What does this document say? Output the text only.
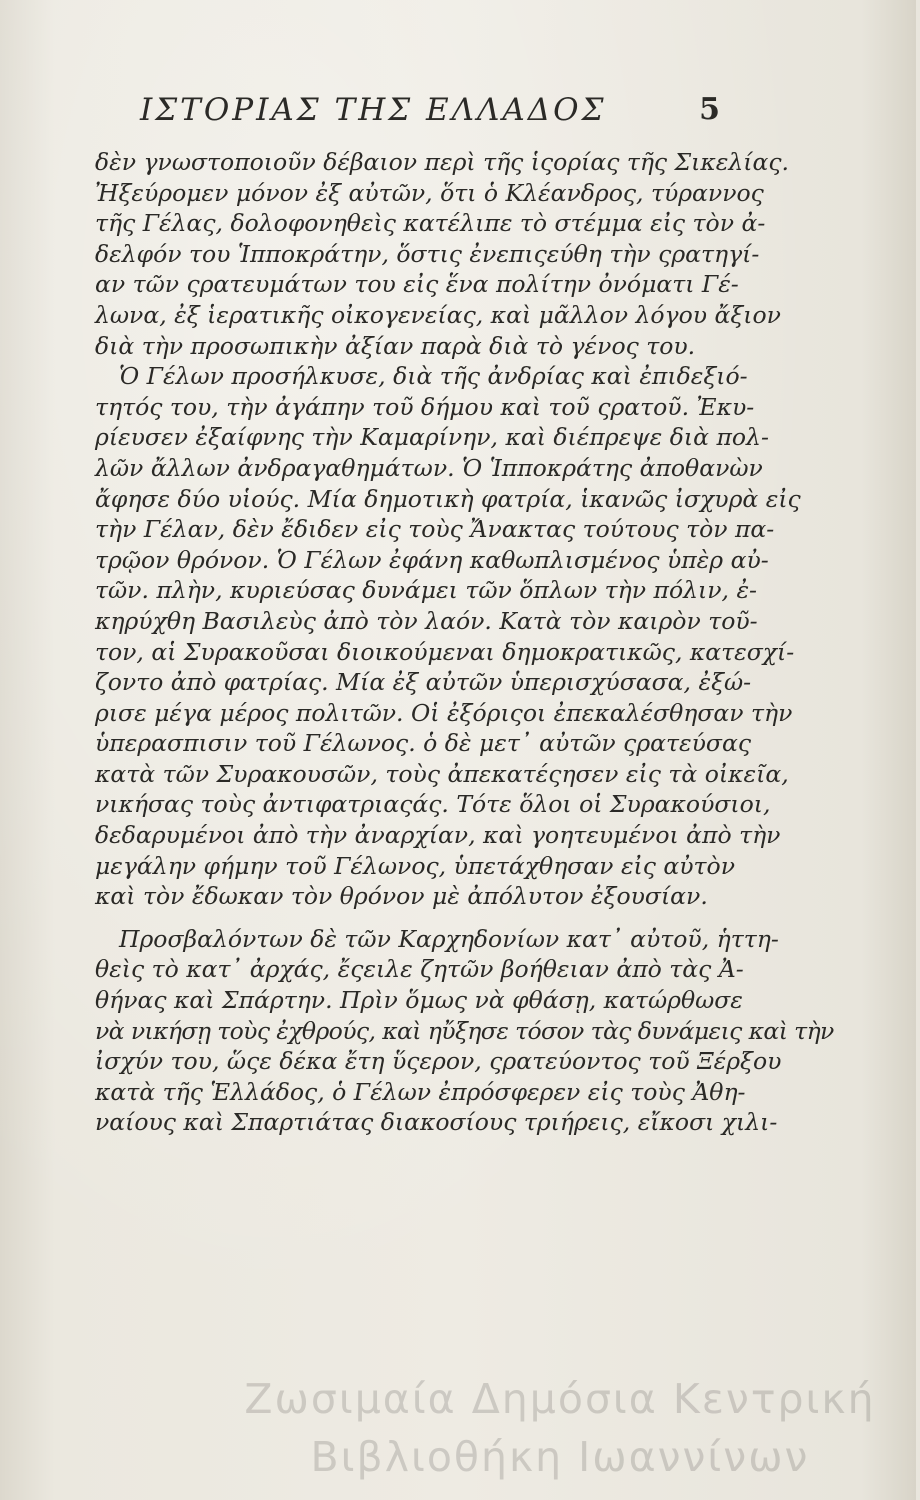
ΙΣΤΟΡΙΑΣ ΤΗΣ ΕΛΛΑΔΟΣ	5
δὲν γνωστοποιοῦν δέβαιον περὶ τῆς ἱςορίας τῆς Σικελίας.
Ἠξεύρομεν μόνον ἐξ αὐτῶν, ὅτι ὁ Κλέανδρος, τύραννος
τῆς Γέλας, δολοφονηθεὶς κατέλιπε τὸ στέμμα εἰς τὸν ἀ-
δελφόν του Ἱπποκράτην, ὅστις ἐνεπιςεύθη τὴν ςρατηγί-
αν τῶν ςρατευμάτων του εἰς ἕνα πολίτην ὀνόματι Γέ-
λωνα, ἐξ ἱερατικῆς οἰκογενείας, καὶ μᾶλλον λόγου ἄξιον
διὰ τὴν προσωπικὴν ἀξίαν παρὰ διὰ τὸ γένος του.
Ὁ Γέλων προσήλκυσε, διὰ τῆς ἀνδρίας καὶ ἐπιδεξιό-
τητός του, τὴν ἀγάπην τοῦ δήμου καὶ τοῦ ςρατοῦ. Ἐκυ-
ρίευσεν ἐξαίφνης τὴν Καμαρίνην, καὶ διέπρεψε διὰ πολ-
λῶν ἄλλων ἀνδραγαθημάτων. Ὁ Ἱπποκράτης ἀποθανὼν
ἄφησε δύο υἱούς. Μία δημοτικὴ φατρία, ἱκανῶς ἰσχυρὰ εἰς
τὴν Γέλαν, δὲν ἔδιδεν εἰς τοὺς Ἄνακτας τούτους τὸν πα-
τρῷον θρόνον. Ὁ Γέλων ἐφάνη καθωπλισμένος ὑπὲρ αὐ-
τῶν. πλὴν, κυριεύσας δυνάμει τῶν ὅπλων τὴν πόλιν, ἐ-
κηρύχθη Βασιλεὺς ἀπὸ τὸν λαόν. Κατὰ τὸν καιρὸν τοῦ-
τον, αἱ Συρακοῦσαι διοικούμεναι δημοκρατικῶς, κατεσχί-
ζοντο ἀπὸ φατρίας. Μία ἐξ αὐτῶν ὑπερισχύσασα, ἐξώ-
ρισε μέγα μέρος πολιτῶν. Οἱ ἐξόριςοι ἐπεκαλέσθησαν τὴν
ὑπερασπισιν τοῦ Γέλωνος. ὁ δὲ μετ᾽ αὐτῶν ςρατεύσας
κατὰ τῶν Συρακουσῶν, τοὺς ἀπεκατέςησεν εἰς τὰ οἰκεῖα,
νικήσας τοὺς ἀντιφατριαςάς. Τότε ὅλοι οἱ Συρακούσιοι,
δεδαρυμένοι ἀπὸ τὴν ἀναρχίαν, καὶ γοητευμένοι ἀπὸ τὴν
μεγάλην φήμην τοῦ Γέλωνος, ὑπετάχθησαν εἰς αὐτὸν
καὶ τὸν ἔδωκαν τὸν θρόνον μὲ ἀπόλυτον ἐξουσίαν.
Προσβαλόντων δὲ τῶν Καρχηδονίων κατ᾽ αὐτοῦ, ἡττη-
θεὶς τὸ κατ᾽ ἀρχάς, ἔςειλε ζητῶν βοήθειαν ἀπὸ τὰς Ἀ-
θήνας καὶ Σπάρτην. Πρὶν ὅμως νὰ φθάσῃ, κατώρθωσε
νὰ νικήσῃ τοὺς ἐχθρούς, καὶ ηὔξησε τόσον τὰς δυνάμεις καὶ τὴν
ἰσχύν του, ὥςε δέκα ἔτη ὕςερον, ςρατεύοντος τοῦ Ξέρξου
κατὰ τῆς Ἑλλάδος, ὁ Γέλων ἐπρόσφερεν εἰς τοὺς Ἀθη-
ναίους καὶ Σπαρτιάτας διακοσίους τριήρεις, εἴκοσι χιλι-
Ζωσιμαία Δημόσια Κεντρική
Βιβλιοθήκη Ιωαννίνων
